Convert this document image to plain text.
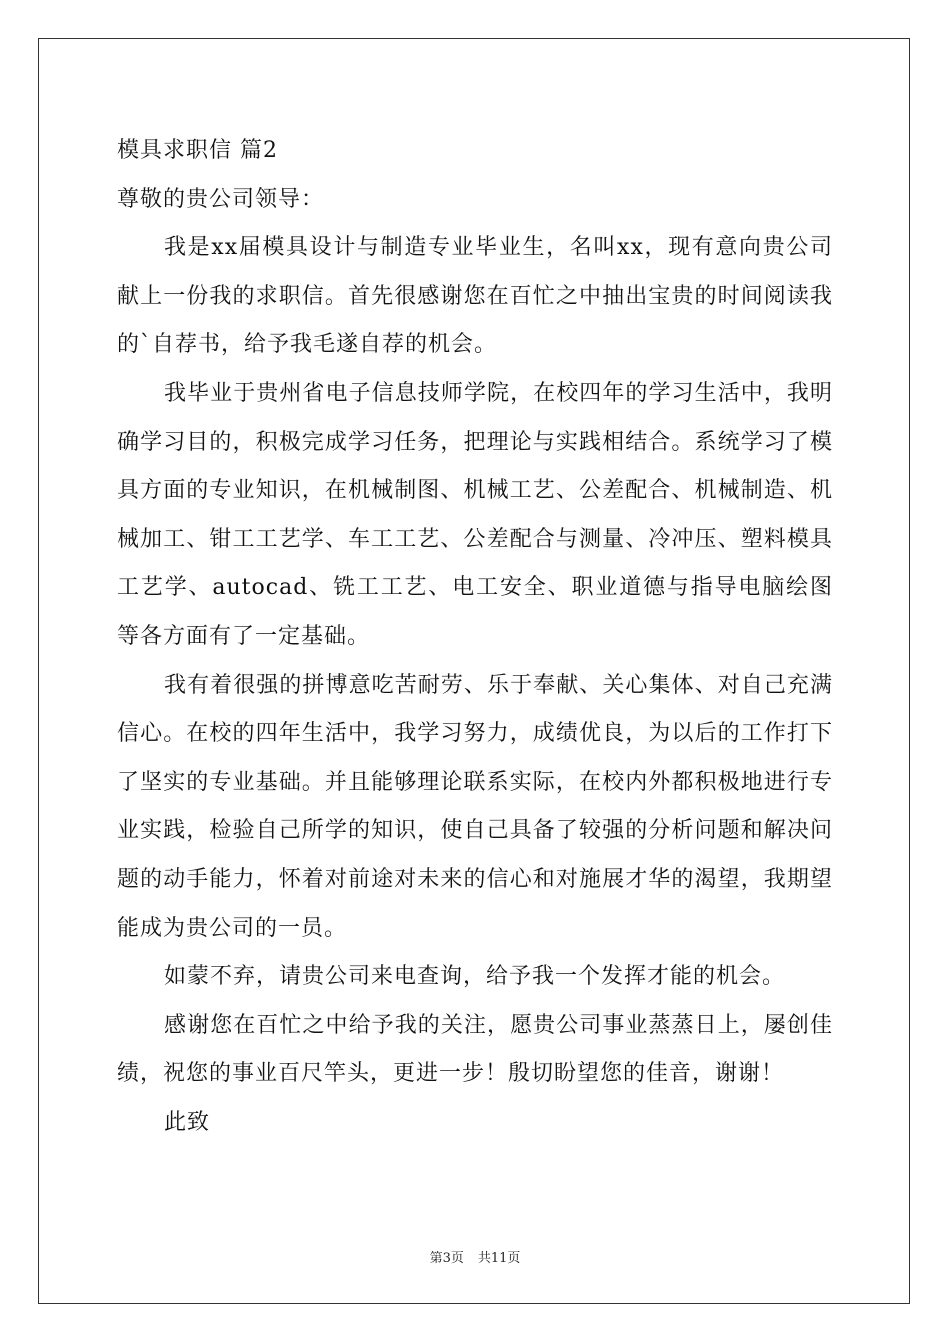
模具求职信 篇2

尊敬的贵公司领导：

我是xx届模具设计与制造专业毕业生，名叫xx，现有意向贵公司献上一份我的求职信。首先很感谢您在百忙之中抽出宝贵的时间阅读我的`自荐书，给予我毛遂自荐的机会。

我毕业于贵州省电子信息技师学院，在校四年的学习生活中，我明确学习目的，积极完成学习任务，把理论与实践相结合。系统学习了模具方面的专业知识，在机械制图、机械工艺、公差配合、机械制造、机械加工、钳工工艺学、车工工艺、公差配合与测量、冷冲压、塑料模具工艺学、autocad、铣工工艺、电工安全、职业道德与指导电脑绘图等各方面有了一定基础。

我有着很强的拼博意吃苦耐劳、乐于奉献、关心集体、对自己充满信心。在校的四年生活中，我学习努力，成绩优良，为以后的工作打下了坚实的专业基础。并且能够理论联系实际，在校内外都积极地进行专业实践，检验自己所学的知识，使自己具备了较强的分析问题和解决问题的动手能力，怀着对前途对未来的信心和对施展才华的渴望，我期望能成为贵公司的一员。

如蒙不弃，请贵公司来电查询，给予我一个发挥才能的机会。

感谢您在百忙之中给予我的关注，愿贵公司事业蒸蒸日上，屡创佳绩，祝您的事业百尺竿头，更进一步！殷切盼望您的佳音，谢谢！

此致

第3页 共11页
